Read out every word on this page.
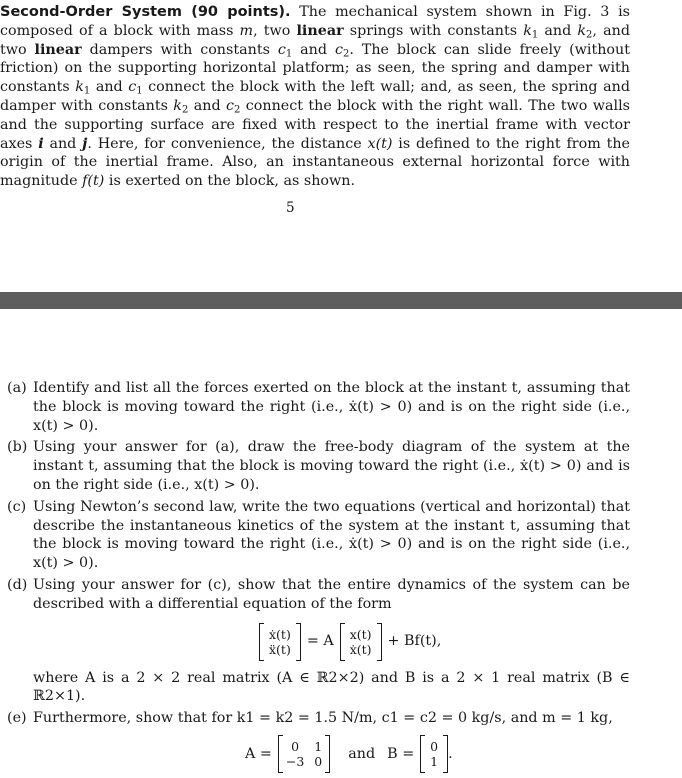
Second-Order System (90 points). The mechanical system shown in Fig. 3 is composed of a block with mass m, two linear springs with constants $k_1$ and $k_2$, and two linear dampers with constants $c_1$ and $c_2$. The block can slide freely (without friction) on the supporting horizontal platform; as seen, the spring and damper with constants $k_1$ and $c_1$ connect the block with the left wall; and, as seen, the spring and damper with constants $k_2$ and $c_2$ connect the block with the right wall. The two walls and the supporting surface are fixed with respect to the inertial frame with vector axes i and j. Here, for convenience, the distance x(t) is defined to the right from the origin of the inertial frame. Also, an instantaneous external horizontal force with magnitude f(t) is exerted on the block, as shown.

5
(a) Identify and list all the forces exerted on the block at the instant t, assuming that the block is moving toward the right (i.e., ẋ(t) > 0) and is on the right side (i.e., x(t) > 0).
(b) Using your answer for (a), draw the free-body diagram of the system at the instant t, assuming that the block is moving toward the right (i.e., ẋ(t) > 0) and is on the right side (i.e., x(t) > 0).
(c) Using Newton’s second law, write the two equations (vertical and horizontal) that describe the instantaneous kinetics of the system at the instant t, assuming that the block is moving toward the right (i.e., ẋ(t) > 0) and is on the right side (i.e., x(t) > 0).
(d) Using your answer for (c), show that the entire dynamics of the system can be described with a differential equation of the form
ẋ(t)
ẍ(t) = A x(t)
ẋ(t) + Bf(t),
where A is a 2 × 2 real matrix (A ∈ ℝ2×2) and B is a 2 × 1 real matrix (B ∈ ℝ2×1).
(e) Furthermore, show that for k1 = k2 = 1.5 N/m, c1 = c2 = 0 kg/s, and m = 1 kg,
A =	0	1
−3 0 and B = 0
1 .
